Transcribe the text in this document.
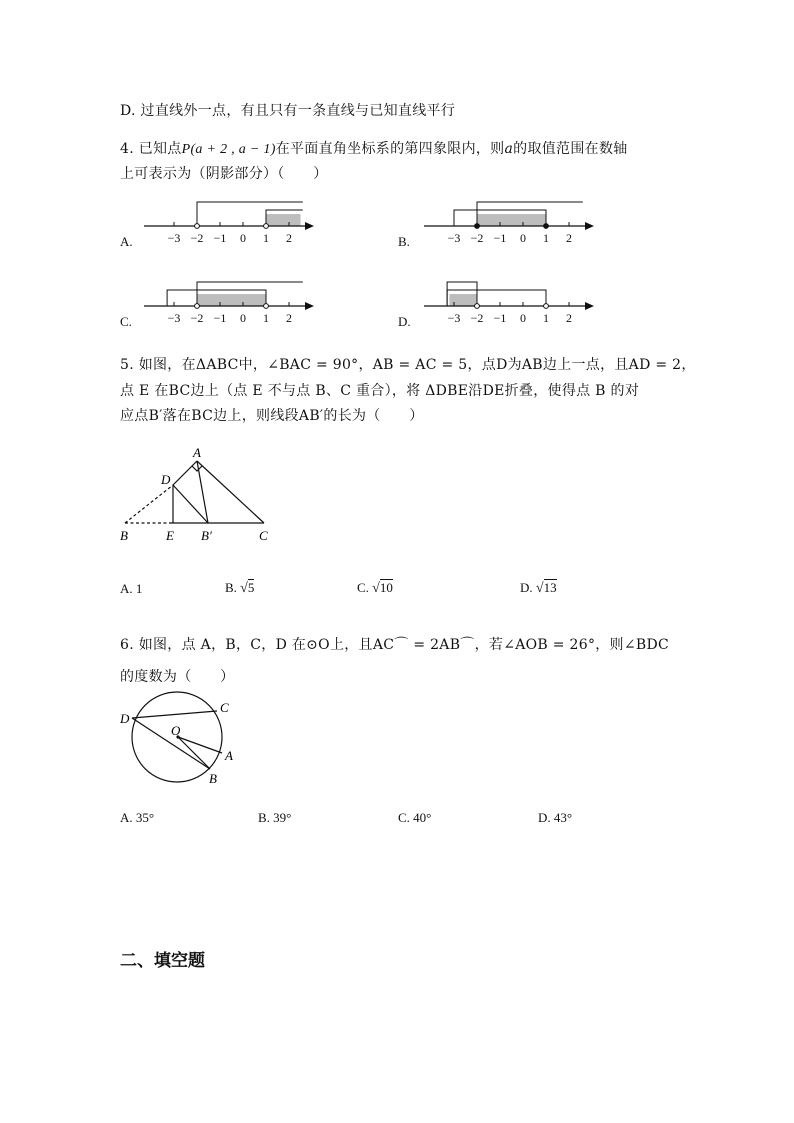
D. 过直线外一点，有且只有一条直线与已知直线平行
4. 已知点P(a + 2 , a − 1)在平面直角坐标系的第四象限内，则a的取值范围在数轴
上可表示为（阴影部分）（　　）
A.	B.
C.	D.
−3 −2 −1 0 1 2	−3 −2 −1 0 1 2
−3 −2 −1 0 1 2	−3 −2 −1 0 1 2
5. 如图，在ΔABC中，∠BAC = 90°，AB = AC = 5，点D为AB边上一点，且AD = 2，
点 E 在BC边上（点 E 不与点 B、C 重合），将 ΔDBE沿DE折叠，使得点 B 的对
应点B′落在BC边上，则线段AB′的长为（　　）
A
D
B	E B′	C
A. 1	B. √5	C. √10	D. √13
6. 如图，点 A，B，C，D 在⊙O上，且AC⌒ = 2AB⌒，若∠AOB = 26°，则∠BDC
的度数为（　　）
O
A
B
C
D
A. 35°	B. 39°	C. 40°	D. 43°
二、填空题
